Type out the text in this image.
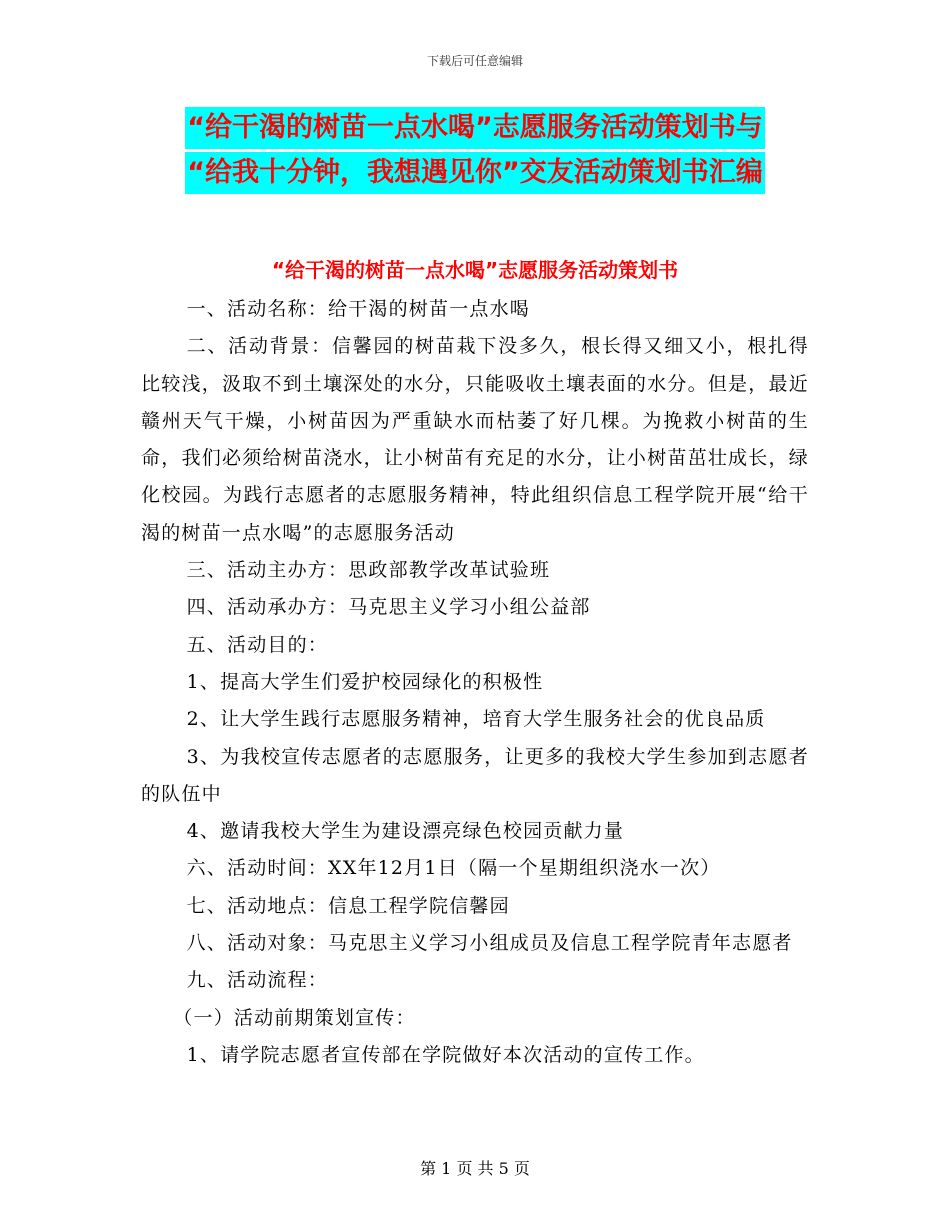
下载后可任意编辑
“给干渴的树苗一点水喝”志愿服务活动策划书与
“给我十分钟，我想遇见你”交友活动策划书汇编
“给干渴的树苗一点水喝”志愿服务活动策划书

一、活动名称：给干渴的树苗一点水喝

二、活动背景：信馨园的树苗栽下没多久，根长得又细又小，根扎得比较浅，汲取不到土壤深处的水分，只能吸收土壤表面的水分。但是，最近赣州天气干燥，小树苗因为严重缺水而枯萎了好几棵。为挽救小树苗的生命，我们必须给树苗浇水，让小树苗有充足的水分，让小树苗茁壮成长，绿化校园。为践行志愿者的志愿服务精神，特此组织信息工程学院开展“给干渴的树苗一点水喝”的志愿服务活动

三、活动主办方：思政部教学改革试验班

四、活动承办方：马克思主义学习小组公益部

五、活动目的：

1、提高大学生们爱护校园绿化的积极性

2、让大学生践行志愿服务精神，培育大学生服务社会的优良品质

3、为我校宣传志愿者的志愿服务，让更多的我校大学生参加到志愿者的队伍中

4、邀请我校大学生为建设漂亮绿色校园贡献力量

六、活动时间：XX年12月1日（隔一个星期组织浇水一次）

七、活动地点：信息工程学院信馨园

八、活动对象：马克思主义学习小组成员及信息工程学院青年志愿者

九、活动流程：

（一）活动前期策划宣传：

1、请学院志愿者宣传部在学院做好本次活动的宣传工作。

第 1 页 共 5 页
